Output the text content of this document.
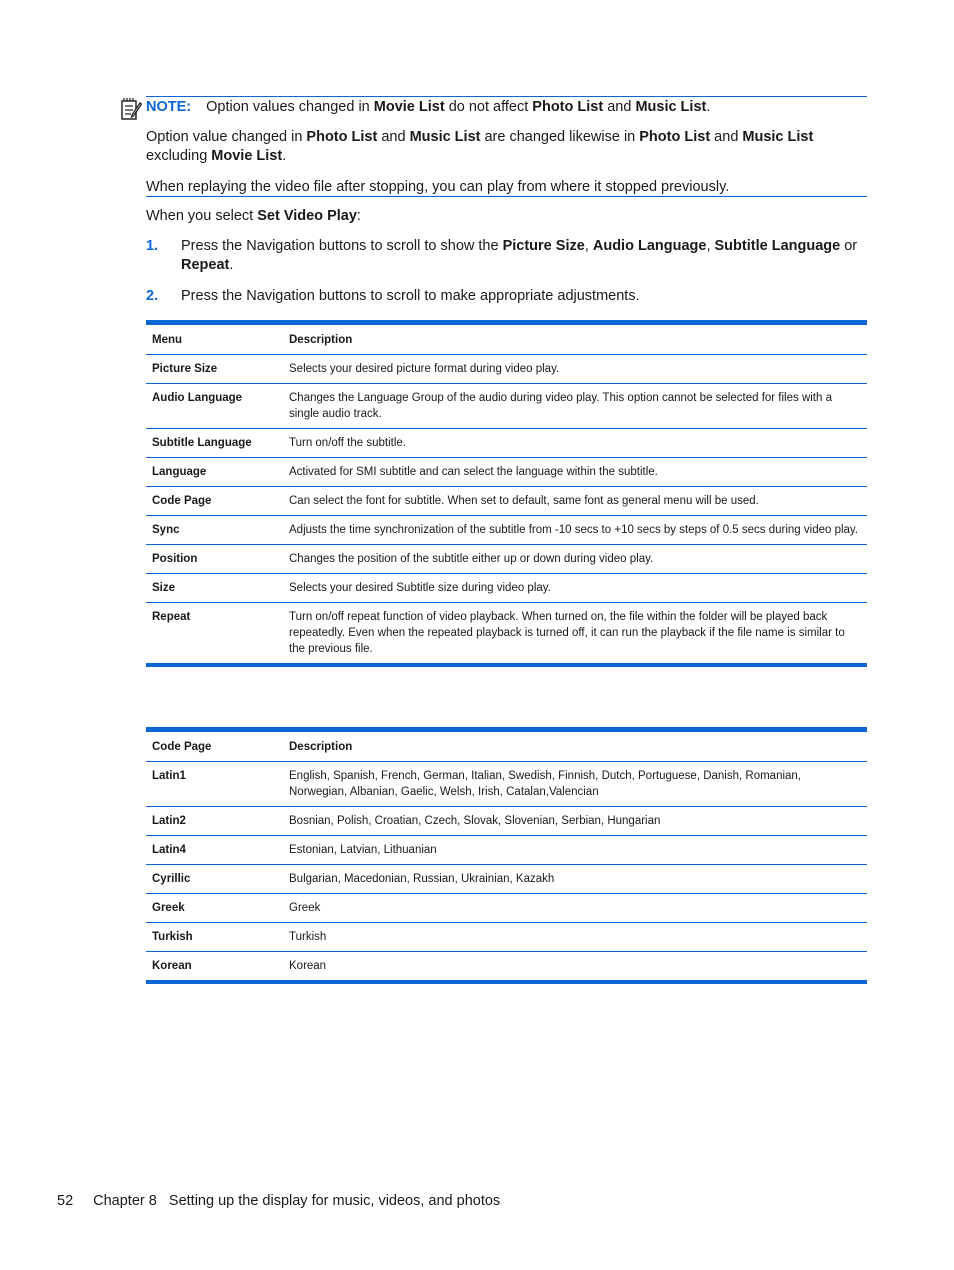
NOTE: Option values changed in Movie List do not affect Photo List and Music List.
Option value changed in Photo List and Music List are changed likewise in Photo List and Music List excluding Movie List.
When replaying the video file after stopping, you can play from where it stopped previously.
When you select Set Video Play:
1. Press the Navigation buttons to scroll to show the Picture Size, Audio Language, Subtitle Language or Repeat.
2. Press the Navigation buttons to scroll to make appropriate adjustments.
Menu	Description
Picture Size	Selects your desired picture format during video play.
Audio Language	Changes the Language Group of the audio during video play. This option cannot be selected for files with a single audio track.
Subtitle Language	Turn on/off the subtitle.
Language	Activated for SMI subtitle and can select the language within the subtitle.
Code Page	Can select the font for subtitle. When set to default, same font as general menu will be used.
Sync	Adjusts the time synchronization of the subtitle from -10 secs to +10 secs by steps of 0.5 secs during video play.
Position	Changes the position of the subtitle either up or down during video play.
Size	Selects your desired Subtitle size during video play.
Repeat	Turn on/off repeat function of video playback. When turned on, the file within the folder will be played back repeatedly. Even when the repeated playback is turned off, it can run the playback if the file name is similar to the previous file.
Code Page	Description
Latin1	English, Spanish, French, German, Italian, Swedish, Finnish, Dutch, Portuguese, Danish, Romanian, Norwegian, Albanian, Gaelic, Welsh, Irish, Catalan,Valencian
Latin2	Bosnian, Polish, Croatian, Czech, Slovak, Slovenian, Serbian, Hungarian
Latin4	Estonian, Latvian, Lithuanian
Cyrillic	Bulgarian, Macedonian, Russian, Ukrainian, Kazakh
Greek	Greek
Turkish	Turkish
Korean	Korean
52 Chapter 8   Setting up the display for music, videos, and photos
